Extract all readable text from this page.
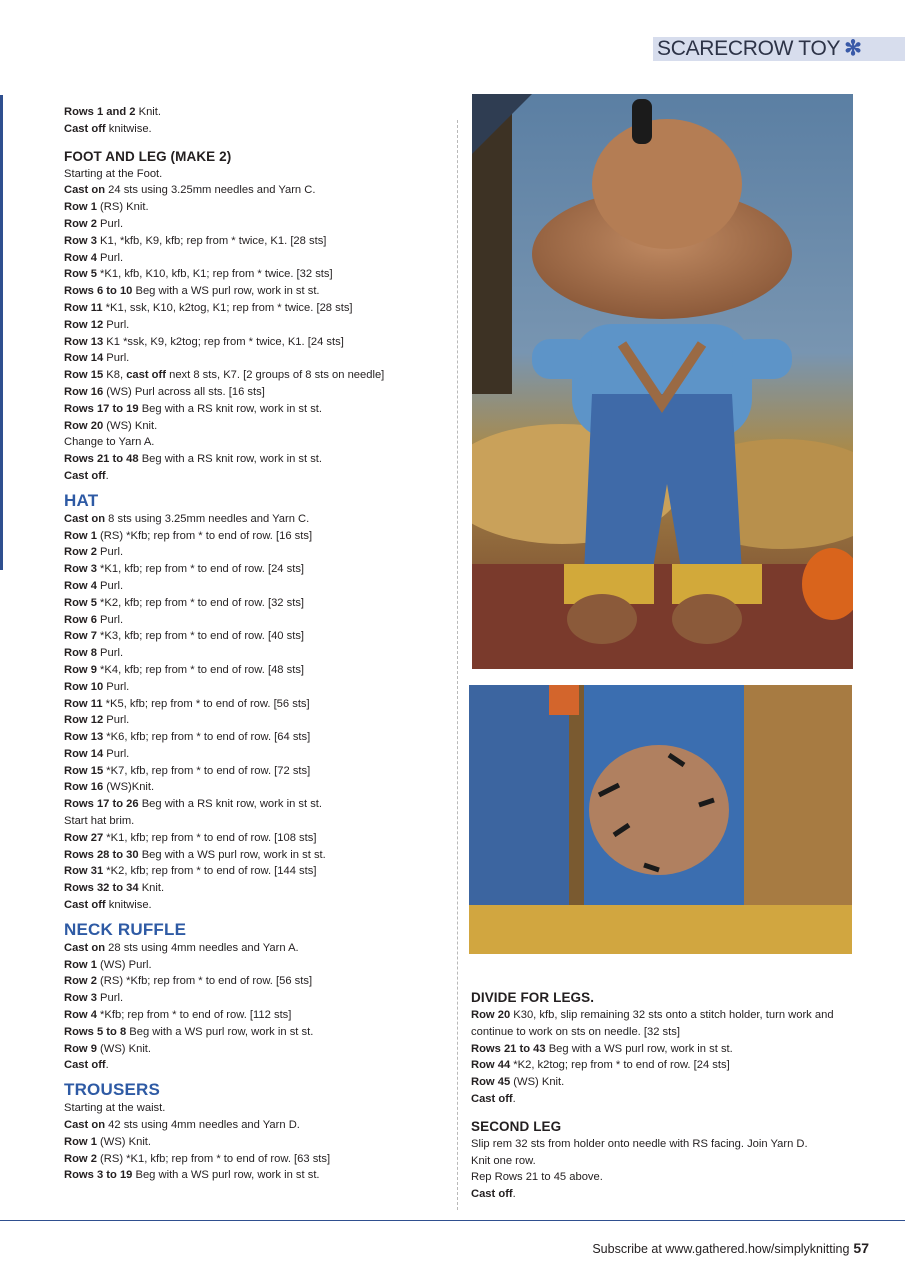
SCARECROW TOY ✻
Rows 1 and 2 Knit.
Cast off knitwise.
FOOT AND LEG (MAKE 2)
Starting at the Foot.
Cast on 24 sts using 3.25mm needles and Yarn C.
Row 1 (RS) Knit.
Row 2 Purl.
Row 3 K1, *kfb, K9, kfb; rep from * twice, K1. [28 sts]
Row 4 Purl.
Row 5 *K1, kfb, K10, kfb, K1; rep from * twice. [32 sts]
Rows 6 to 10 Beg with a WS purl row, work in st st.
Row 11 *K1, ssk, K10, k2tog, K1; rep from * twice. [28 sts]
Row 12 Purl.
Row 13 K1 *ssk, K9, k2tog; rep from * twice, K1. [24 sts]
Row 14 Purl.
Row 15 K8, cast off next 8 sts, K7. [2 groups of 8 sts on needle]
Row 16 (WS) Purl across all sts. [16 sts]
Rows 17 to 19 Beg with a RS knit row, work in st st.
Row 20 (WS) Knit.
Change to Yarn A.
Rows 21 to 48 Beg with a RS knit row, work in st st.
Cast off.
HAT
Cast on 8 sts using 3.25mm needles and Yarn C.
Row 1 (RS) *Kfb; rep from * to end of row. [16 sts]
Row 2 Purl.
Row 3 *K1, kfb; rep from * to end of row. [24 sts]
Row 4 Purl.
Row 5 *K2, kfb; rep from * to end of row. [32 sts]
Row 6 Purl.
Row 7 *K3, kfb; rep from * to end of row. [40 sts]
Row 8 Purl.
Row 9 *K4, kfb; rep from * to end of row. [48 sts]
Row 10 Purl.
Row 11 *K5, kfb; rep from * to end of row. [56 sts]
Row 12 Purl.
Row 13 *K6, kfb; rep from * to end of row. [64 sts]
Row 14 Purl.
Row 15 *K7, kfb, rep from * to end of row. [72 sts]
Row 16 (WS)Knit.
Rows 17 to 26 Beg with a RS knit row, work in st st.
Start hat brim.
Row 27 *K1, kfb; rep from * to end of row. [108 sts]
Rows 28 to 30 Beg with a WS purl row, work in st st.
Row 31 *K2, kfb; rep from * to end of row. [144 sts]
Rows 32 to 34 Knit.
Cast off knitwise.
NECK RUFFLE
Cast on 28 sts using 4mm needles and Yarn A.
Row 1 (WS) Purl.
Row 2 (RS) *Kfb; rep from * to end of row. [56 sts]
Row 3 Purl.
Row 4 *Kfb; rep from * to end of row. [112 sts]
Rows 5 to 8 Beg with a WS purl row, work in st st.
Row 9 (WS) Knit.
Cast off.
TROUSERS
Starting at the waist.
Cast on 42 sts using 4mm needles and Yarn D.
Row 1 (WS) Knit.
Row 2 (RS) *K1, kfb; rep from * to end of row. [63 sts]
Rows 3 to 19 Beg with a WS purl row, work in st st.
DIVIDE FOR LEGS.
Row 20 K30, kfb, slip remaining 32 sts onto a stitch holder, turn work and continue to work on sts on needle. [32 sts]
Rows 21 to 43 Beg with a WS purl row, work in st st.
Row 44 *K2, k2tog; rep from * to end of row. [24 sts]
Row 45 (WS) Knit.
Cast off.
SECOND LEG
Slip rem 32 sts from holder onto needle with RS facing. Join Yarn D.
Knit one row.
Rep Rows 21 to 45 above.
Cast off.
Subscribe at www.gathered.how/simplyknitting 57
